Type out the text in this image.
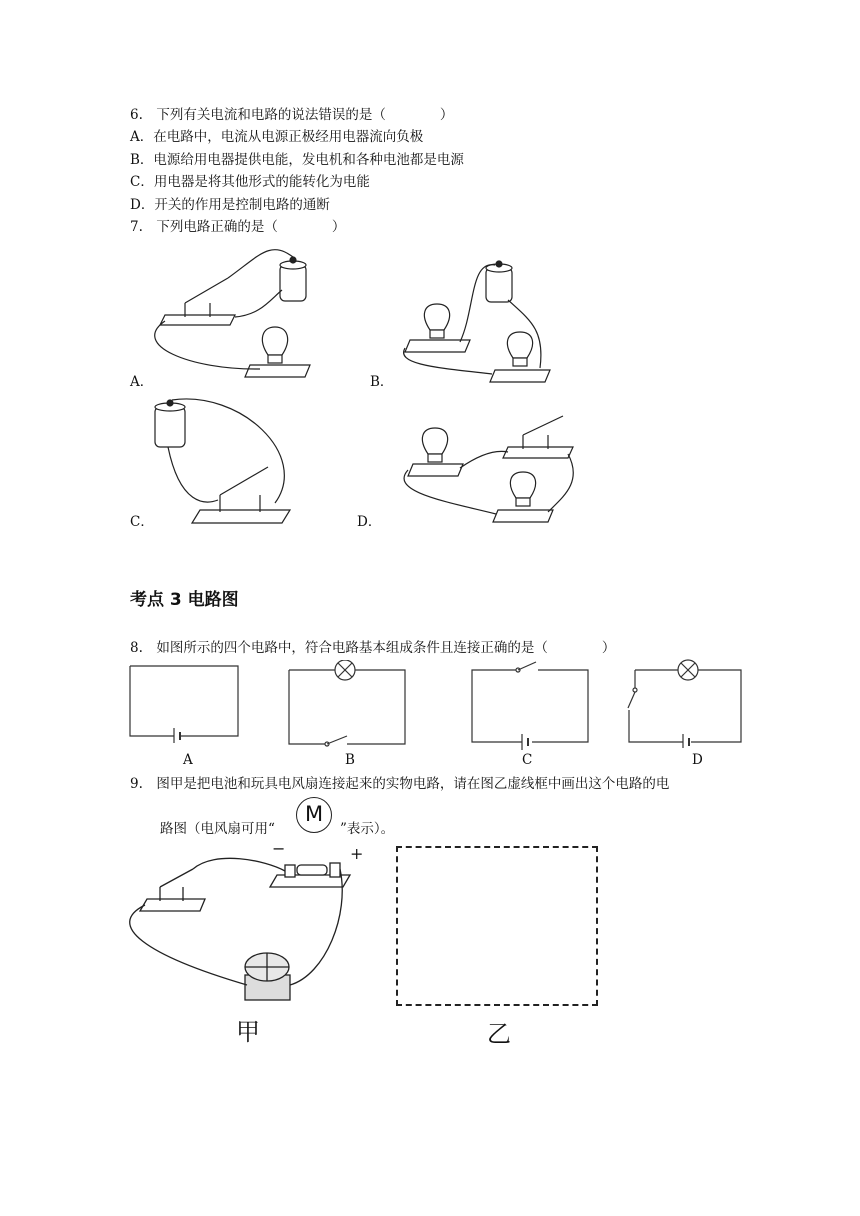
6.　下列有关电流和电路的说法错误的是（　　　　）
A．在电路中，电流从电源正极经用电器流向负极
B．电源给用电器提供电能，发电机和各种电池都是电源
C．用电器是将其他形式的能转化为电能
D．开关的作用是控制电路的通断
7.　下列电路正确的是（　　　　）
A．	B．
C．	D．
考点 3 电路图
8.　如图所示的四个电路中，符合电路基本组成条件且连接正确的是（　　　　）
A	B	C	D
9.　图甲是把电池和玩具电风扇连接起来的实物电路，请在图乙虚线框中画出这个电路的电
路图（电风扇可用“
M
”表示）。
−	+
甲	乙
